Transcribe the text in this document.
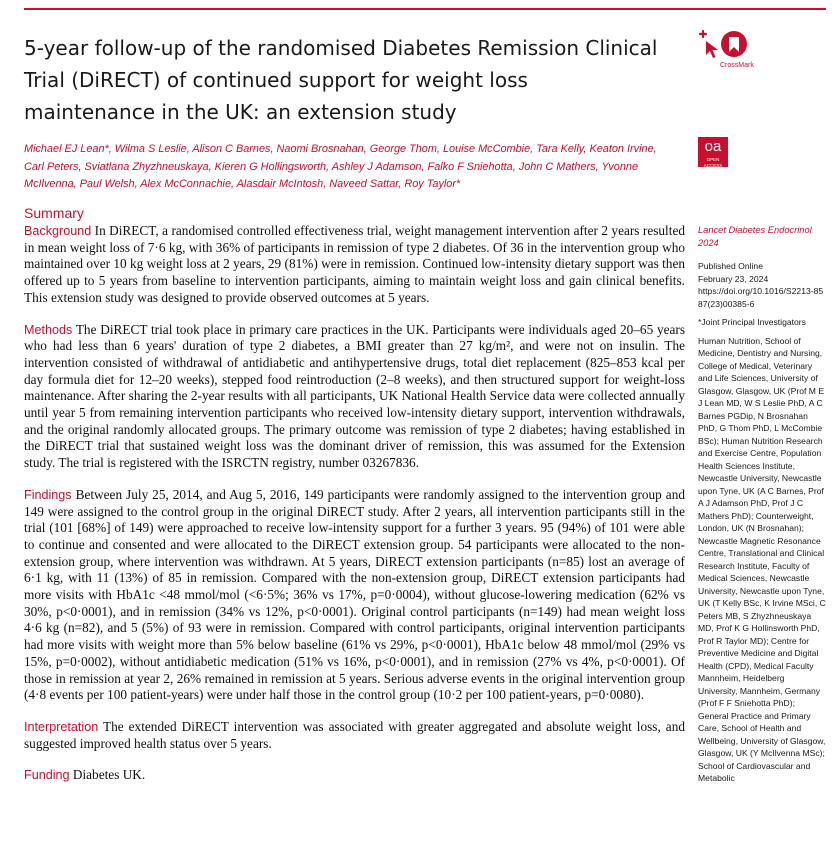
5-year follow-up of the randomised Diabetes Remission Clinical Trial (DiRECT) of continued support for weight loss maintenance in the UK: an extension study
CrossMark

Michael EJ Lean*, Wilma S Leslie, Alison C Barnes, Naomi Brosnahan, George Thom, Louise McCombie, Tara Kelly, Keaton Irvine, Carl Peters, Sviatlana Zhyzhneuskaya, Kieren G Hollingsworth, Ashley J Adamson, Falko F Sniehotta, John C Mathers, Yvonne McIlvenna, Paul Welsh, Alex McConnachie, Alasdair McIntosh, Naveed Sattar, Roy Taylor*

oa
OPEN ACCESS
Summary

Background In DiRECT, a randomised controlled effectiveness trial, weight management intervention after 2 years resulted in mean weight loss of 7·6 kg, with 36% of participants in remission of type 2 diabetes. Of 36 in the intervention group who maintained over 10 kg weight loss at 2 years, 29 (81%) were in remission. Continued low-intensity dietary support was then offered up to 5 years from baseline to intervention participants, aiming to maintain weight loss and gain clinical benefits. This extension study was designed to provide observed outcomes at 5 years.

Methods The DiRECT trial took place in primary care practices in the UK. Participants were individuals aged 20–65 years who had less than 6 years' duration of type 2 diabetes, a BMI greater than 27 kg/m², and were not on insulin. The intervention consisted of withdrawal of antidiabetic and antihypertensive drugs, total diet replacement (825–853 kcal per day formula diet for 12–20 weeks), stepped food reintroduction (2–8 weeks), and then structured support for weight-loss maintenance. After sharing the 2-year results with all participants, UK National Health Service data were collected annually until year 5 from remaining intervention participants who received low-intensity dietary support, intervention withdrawals, and the original randomly allocated groups. The primary outcome was remission of type 2 diabetes; having established in the DiRECT trial that sustained weight loss was the dominant driver of remission, this was assumed for the Extension study. The trial is registered with the ISRCTN registry, number 03267836.

Findings Between July 25, 2014, and Aug 5, 2016, 149 participants were randomly assigned to the intervention group and 149 were assigned to the control group in the original DiRECT study. After 2 years, all intervention participants still in the trial (101 [68%] of 149) were approached to receive low-intensity support for a further 3 years. 95 (94%) of 101 were able to continue and consented and were allocated to the DiRECT extension group. 54 participants were allocated to the non-extension group, where intervention was withdrawn. At 5 years, DiRECT extension participants (n=85) lost an average of 6·1 kg, with 11 (13%) of 85 in remission. Compared with the non-extension group, DiRECT extension participants had more visits with HbA1c <48 mmol/mol (<6·5%; 36% vs 17%, p=0·0004), without glucose-lowering medication (62% vs 30%, p<0·0001), and in remission (34% vs 12%, p<0·0001). Original control participants (n=149) had mean weight loss 4·6 kg (n=82), and 5 (5%) of 93 were in remission. Compared with control participants, original intervention participants had more visits with weight more than 5% below baseline (61% vs 29%, p<0·0001), HbA1c below 48 mmol/mol (29% vs 15%, p=0·0002), without antidiabetic medication (51% vs 16%, p<0·0001), and in remission (27% vs 4%, p<0·0001). Of those in remission at year 2, 26% remained in remission at 5 years. Serious adverse events in the original intervention group (4·8 events per 100 patient-years) were under half those in the control group (10·2 per 100 patient-years, p=0·0080).

Interpretation The extended DiRECT intervention was associated with greater aggregated and absolute weight loss, and suggested improved health status over 5 years.

Funding Diabetes UK.

Lancet Diabetes Endocrinol 2024
Published Online
February 23, 2024
https://doi.org/10.1016/S2213-8587(23)00385-6
*Joint Principal Investigators
Human Nutrition, School of Medicine, Dentistry and Nursing, College of Medical, Veterinary and Life Sciences, University of Glasgow, Glasgow, UK (Prof M E J Lean MD, W S Leslie PhD, A C Barnes PGDip, N Brosnahan PhD, G Thom PhD, L McCombie BSc); Human Nutrition Research and Exercise Centre, Population Health Sciences Institute, Newcastle University, Newcastle upon Tyne, UK (A C Barnes, Prof A J Adamson PhD, Prof J C Mathers PhD); Counterweight, London, UK (N Brosnahan); Newcastle Magnetic Resonance Centre, Translational and Clinical Research Institute, Faculty of Medical Sciences, Newcastle University, Newcastle upon Tyne, UK (T Kelly BSc, K Irvine MSci, C Peters MB, S Zhyzhneuskaya MD, Prof K G Hollinsworth PhD, Prof R Taylor MD); Centre for Preventive Medicine and Digital Health (CPD), Medical Faculty Mannheim, Heidelberg University, Mannheim, Germany (Prof F F Sniehotta PhD); General Practice and Primary Care, School of Health and Wellbeing, University of Glasgow, Glasgow, UK (Y McIlvenna MSc); School of Cardiovascular and Metabolic
